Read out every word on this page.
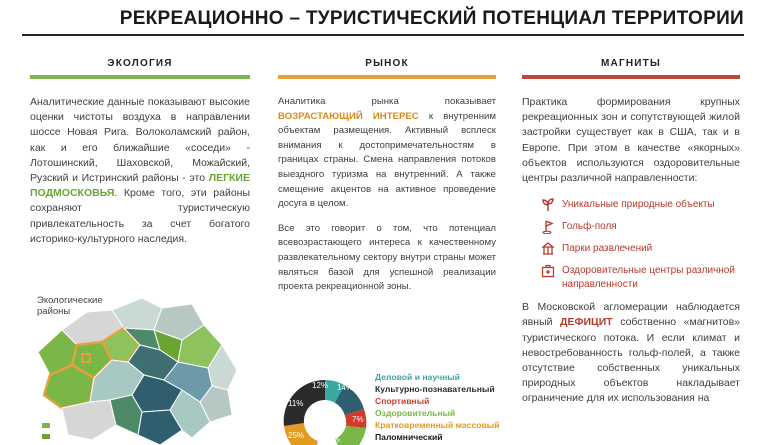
РЕКРЕАЦИОННО – ТУРИСТИЧЕСКИЙ ПОТЕНЦИАЛ ТЕРРИТОРИИ
ЭКОЛОГИЯ

Аналитические данные показывают высокие оценки чистоты воздуха в направлении шоссе Новая Рига. Волоколамский район, как и его ближайшие «соседи» - Лотошинский, Шаховской, Можайский, Рузский и Истринский районы - это ЛЕГКИЕ ПОДМОСКОВЬЯ. Кроме того, эти районы сохраняют туристическую привлекательность за счет богатого историко-культурного наследия.

Экологические
районы
РЫНОК

Аналитика рынка показывает ВОЗРАСТАЮЩИЙ ИНТЕРЕС к внутренним объектам размещения. Активный всплеск внимания к достопримечательностям в границах страны. Смена направления потоков выездного туризма на внутренний. А также смещение акцентов на активное проведение досуга в целом.

Все это говорит о том, что потенциал всевозрастающего интереса к качественному развлекательному сектору внутри страны может являться базой для успешной реализации проекта рекреационной зоны.

12% 14%
11%
7%
25% 19%
Деловой и научный
Культурно-познавательный
Спортивный
Оздоровительный
Кратковременный массовый
Паломнический
МАГНИТЫ

Практика формирования крупных рекреационных зон и сопутствующей жилой застройки существует как в США, так и в Европе. При этом в качестве «якорных» объектов используются оздоровительные центры различной направленности:

Уникальные природные объекты
Гольф-поля
Парки развлечений
Оздоровительные центры различной направленности

В Московской агломерации наблюдается явный ДЕФИЦИТ собственно «магнитов» туристического потока. И если климат и невостребованность гольф-полей, а также отсутствие собственных уникальных природных объектов накладывает ограничение для их использования на
